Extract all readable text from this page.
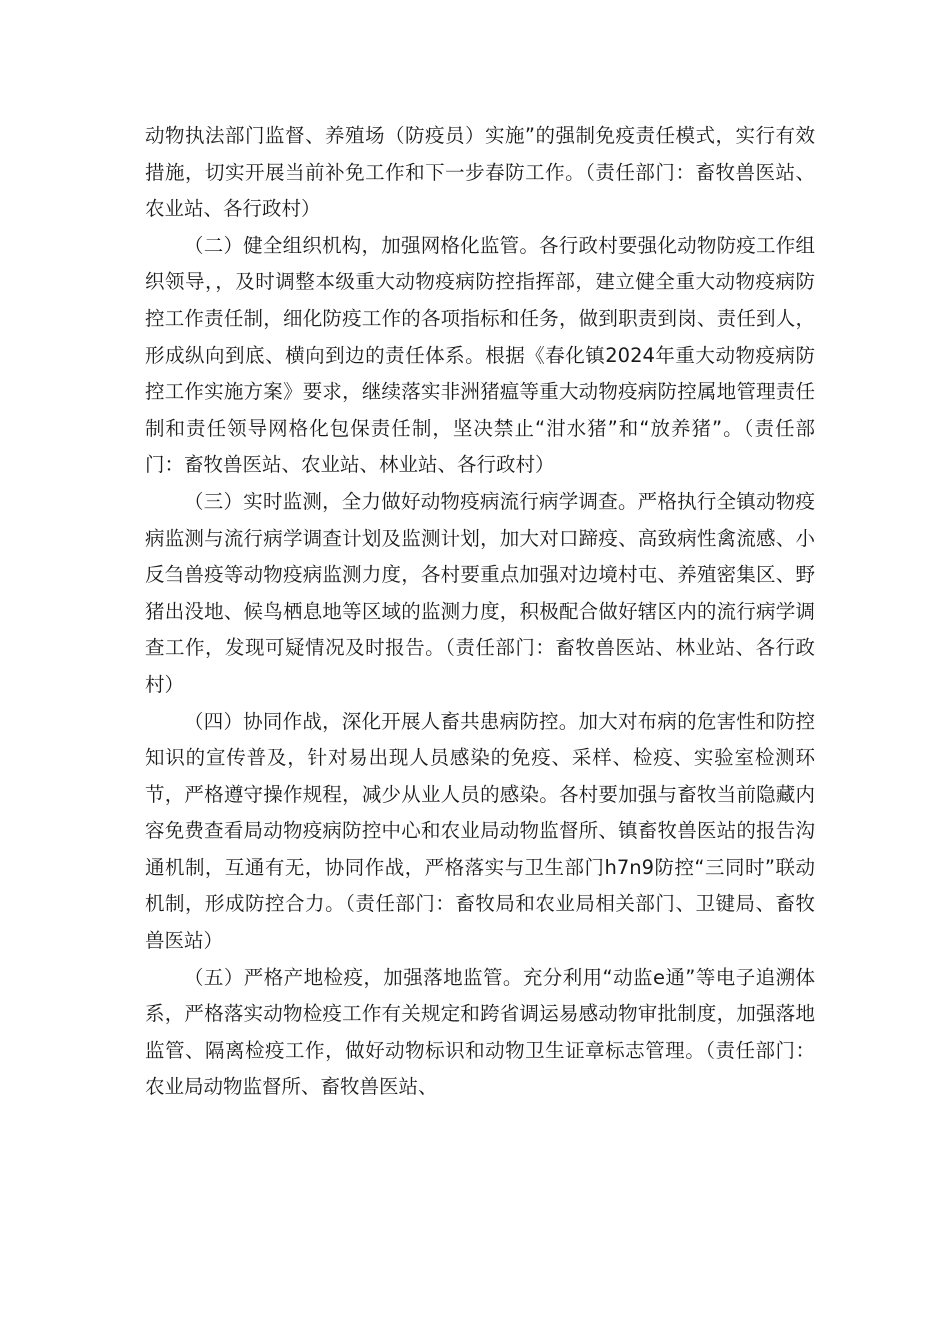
动物执法部门监督、养殖场（防疫员）实施”的强制免疫责任模式，实行有效措施，切实开展当前补免工作和下一步春防工作。（责任部门：畜牧兽医站、农业站、各行政村）

（二）健全组织机构，加强网格化监管。各行政村要强化动物防疫工作组织领导，，及时调整本级重大动物疫病防控指挥部，建立健全重大动物疫病防控工作责任制，细化防疫工作的各项指标和任务，做到职责到岗、责任到人，形成纵向到底、横向到边的责任体系。根据《春化镇2024年重大动物疫病防控工作实施方案》要求，继续落实非洲猪瘟等重大动物疫病防控属地管理责任制和责任领导网格化包保责任制，坚决禁止“泔水猪”和“放养猪”。（责任部门：畜牧兽医站、农业站、林业站、各行政村）

（三）实时监测，全力做好动物疫病流行病学调查。严格执行全镇动物疫病监测与流行病学调查计划及监测计划，加大对口蹄疫、高致病性禽流感、小反刍兽疫等动物疫病监测力度，各村要重点加强对边境村屯、养殖密集区、野猪出没地、候鸟栖息地等区域的监测力度，积极配合做好辖区内的流行病学调查工作，发现可疑情况及时报告。（责任部门：畜牧兽医站、林业站、各行政村）

（四）协同作战，深化开展人畜共患病防控。加大对布病的危害性和防控知识的宣传普及，针对易出现人员感染的免疫、采样、检疫、实验室检测环节，严格遵守操作规程，减少从业人员的感染。各村要加强与畜牧当前隐藏内容免费查看局动物疫病防控中心和农业局动物监督所、镇畜牧兽医站的报告沟通机制，互通有无，协同作战，严格落实与卫生部门h7n9防控“三同时”联动机制，形成防控合力。（责任部门：畜牧局和农业局相关部门、卫键局、畜牧兽医站）

（五）严格产地检疫，加强落地监管。充分利用“动监e通”等电子追溯体系，严格落实动物检疫工作有关规定和跨省调运易感动物审批制度，加强落地监管、隔离检疫工作，做好动物标识和动物卫生证章标志管理。（责任部门：农业局动物监督所、畜牧兽医站、
